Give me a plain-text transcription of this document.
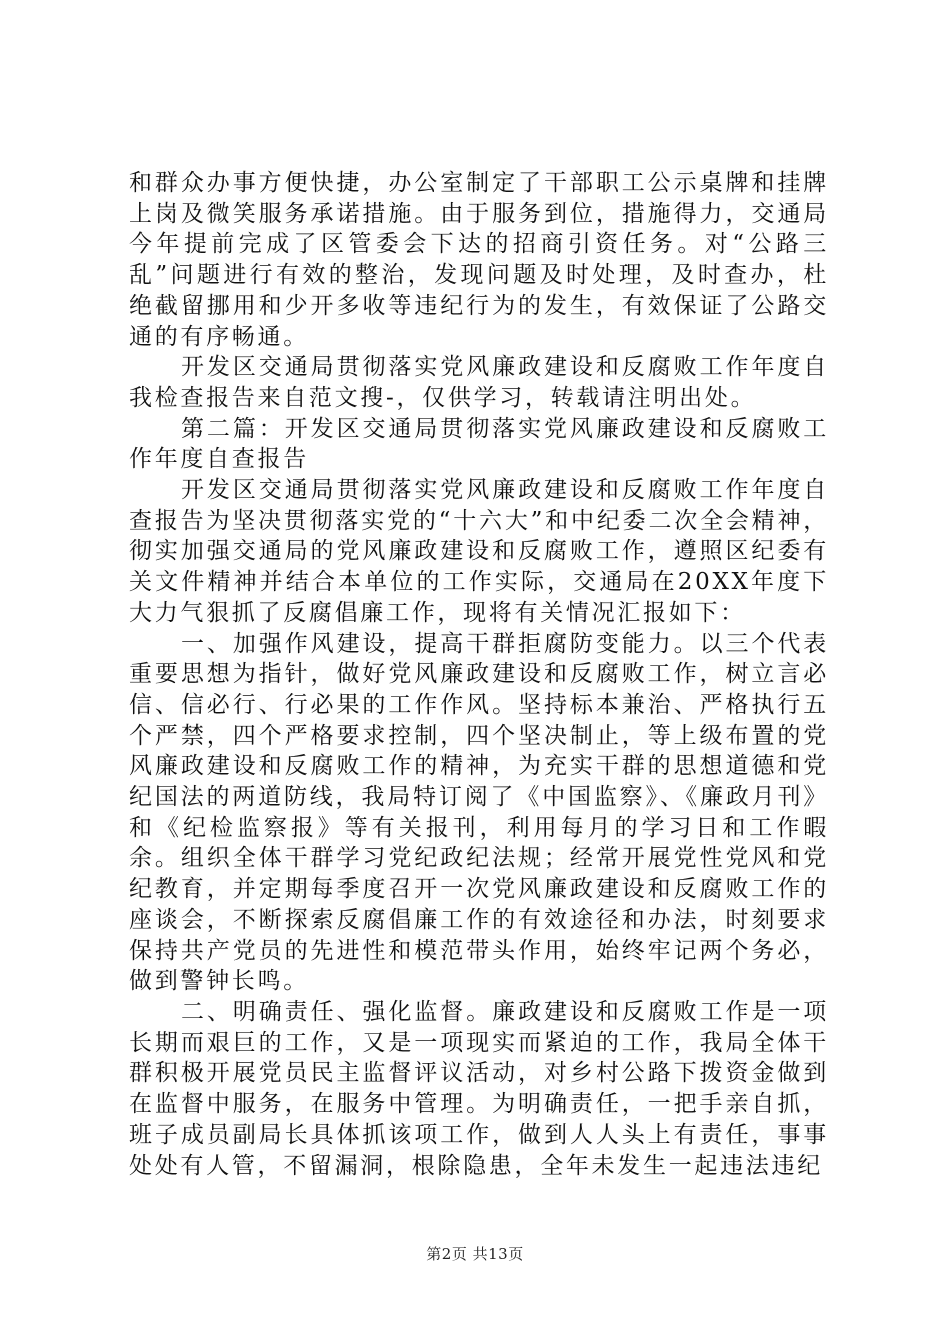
和群众办事方便快捷，办公室制定了干部职工公示桌牌和挂牌上岗及微笑服务承诺措施。由于服务到位，措施得力，交通局今年提前完成了区管委会下达的招商引资任务。对“公路三乱”问题进行有效的整治，发现问题及时处理，及时查办，杜绝截留挪用和少开多收等违纪行为的发生，有效保证了公路交通的有序畅通。

开发区交通局贯彻落实党风廉政建设和反腐败工作年度自我检查报告来自范文搜-，仅供学习，转载请注明出处。

第二篇：开发区交通局贯彻落实党风廉政建设和反腐败工作年度自查报告

开发区交通局贯彻落实党风廉政建设和反腐败工作年度自查报告为坚决贯彻落实党的“十六大”和中纪委二次全会精神，彻实加强交通局的党风廉政建设和反腐败工作，遵照区纪委有关文件精神并结合本单位的工作实际，交通局在20XX年度下大力气狠抓了反腐倡廉工作，现将有关情况汇报如下：

一、加强作风建设，提高干群拒腐防变能力。以三个代表重要思想为指针，做好党风廉政建设和反腐败工作，树立言必信、信必行、行必果的工作作风。坚持标本兼治、严格执行五个严禁，四个严格要求控制，四个坚决制止，等上级布置的党风廉政建设和反腐败工作的精神，为充实干群的思想道德和党纪国法的两道防线，我局特订阅了《中国监察》、《廉政月刊》和《纪检监察报》等有关报刊，利用每月的学习日和工作暇余。组织全体干群学习党纪政纪法规；经常开展党性党风和党纪教育，并定期每季度召开一次党风廉政建设和反腐败工作的座谈会，不断探索反腐倡廉工作的有效途径和办法，时刻要求保持共产党员的先进性和模范带头作用，始终牢记两个务必，做到警钟长鸣。

二、明确责任、强化监督。廉政建设和反腐败工作是一项长期而艰巨的工作，又是一项现实而紧迫的工作，我局全体干群积极开展党员民主监督评议活动，对乡村公路下拨资金做到在监督中服务，在服务中管理。为明确责任，一把手亲自抓，班子成员副局长具体抓该项工作，做到人人头上有责任，事事处处有人管，不留漏洞，根除隐患，全年未发生一起违法违纪

第2页 共13页
